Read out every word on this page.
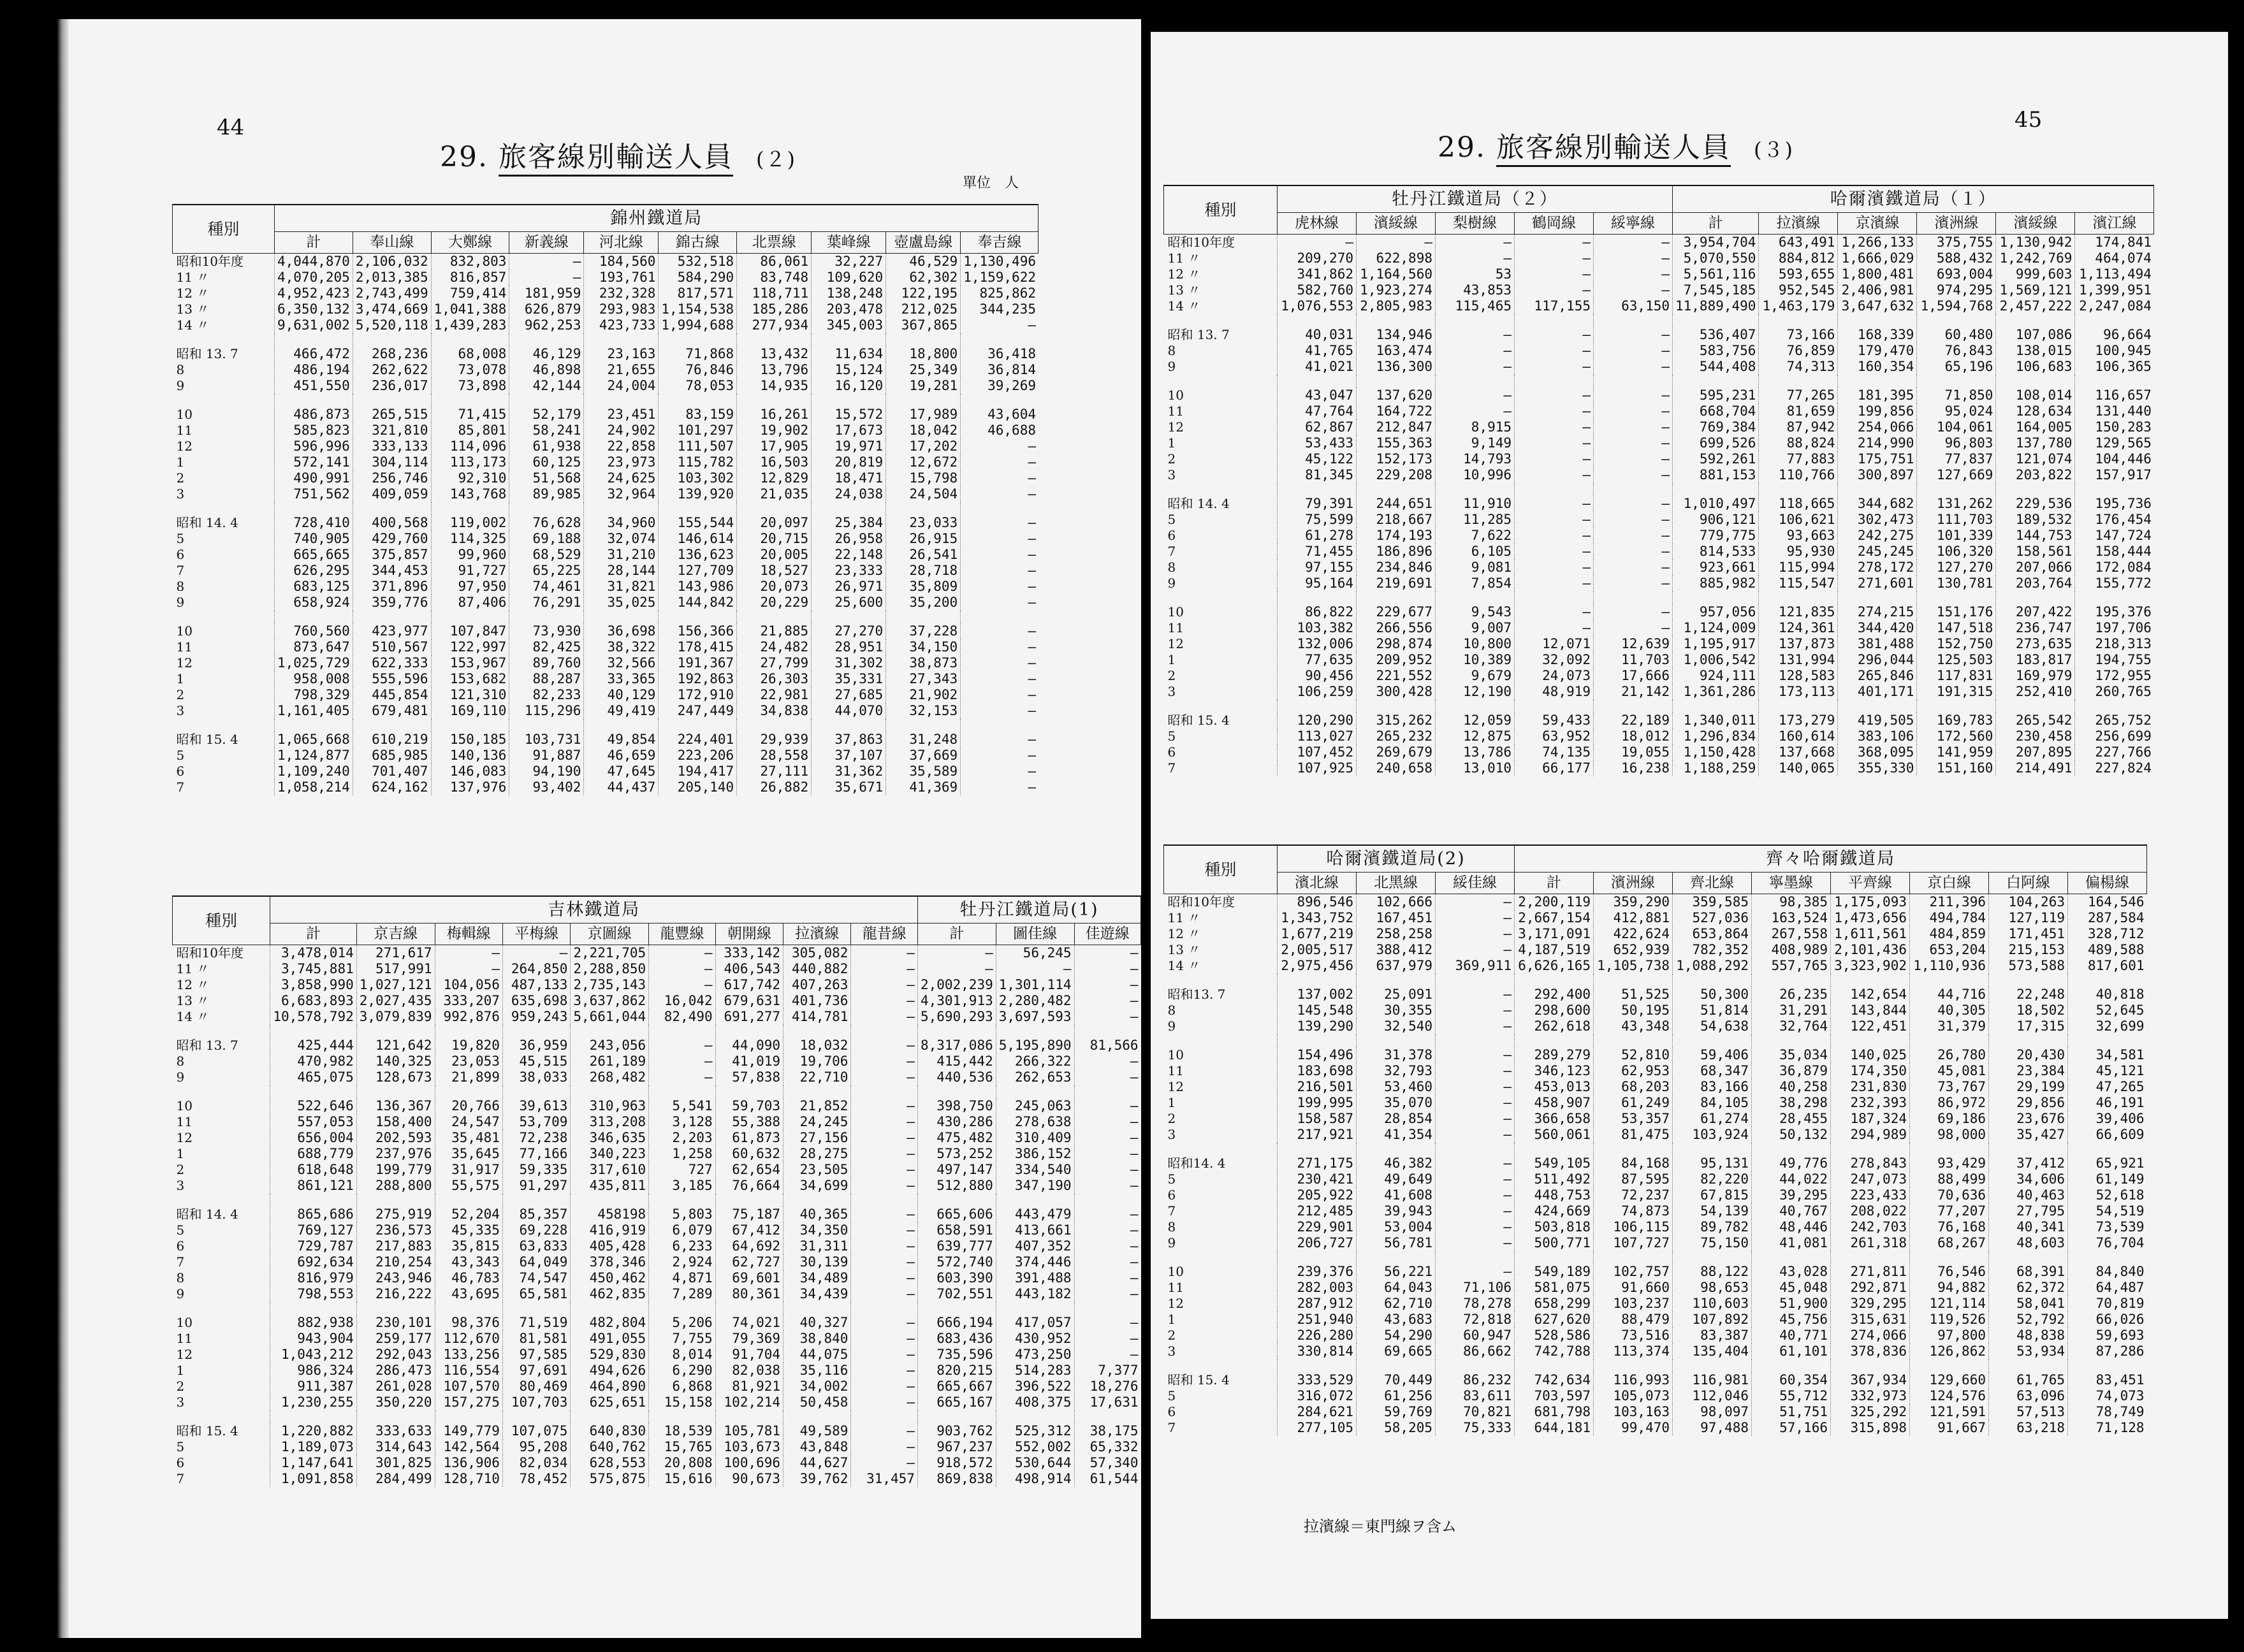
44
29. 旅客線別輸送人員 (２)
單位　人
種別	錦州鐵道局									
	計	奉山線	大鄭線	新義線	河北線	錦古線	北票線	葉峰線	壺盧島線	奉吉線
昭和10年度	4,044,870	2,106,032	832,803	—	184,560	532,518	86,061	32,227	46,529	1,130,496
11 〃	4,070,205	2,013,385	816,857	—	193,761	584,290	83,748	109,620	62,302	1,159,622
12 〃	4,952,423	2,743,499	759,414	181,959	232,328	817,571	118,711	138,248	122,195	825,862
13 〃	6,350,132	3,474,669	1,041,388	626,879	293,983	1,154,538	185,286	203,478	212,025	344,235
14 〃	9,631,002	5,520,118	1,439,283	962,253	423,733	1,994,688	277,934	345,003	367,865	—

昭和 13. 7	466,472	268,236	68,008	46,129	23,163	71,868	13,432	11,634	18,800	36,418
8	486,194	262,622	73,078	46,898	21,655	76,846	13,796	15,124	25,349	36,814
9	451,550	236,017	73,898	42,144	24,004	78,053	14,935	16,120	19,281	39,269

10	486,873	265,515	71,415	52,179	23,451	83,159	16,261	15,572	17,989	43,604
11	585,823	321,810	85,801	58,241	24,902	101,297	19,902	17,673	18,042	46,688
12	596,996	333,133	114,096	61,938	22,858	111,507	17,905	19,971	17,202	—
1	572,141	304,114	113,173	60,125	23,973	115,782	16,503	20,819	12,672	—
2	490,991	256,746	92,310	51,568	24,625	103,302	12,829	18,471	15,798	—
3	751,562	409,059	143,768	89,985	32,964	139,920	21,035	24,038	24,504	—

昭和 14. 4	728,410	400,568	119,002	76,628	34,960	155,544	20,097	25,384	23,033	—
5	740,905	429,760	114,325	69,188	32,074	146,614	20,715	26,958	26,915	—
6	665,665	375,857	99,960	68,529	31,210	136,623	20,005	22,148	26,541	—
7	626,295	344,453	91,727	65,225	28,144	127,709	18,527	23,333	28,718	—
8	683,125	371,896	97,950	74,461	31,821	143,986	20,073	26,971	35,809	—
9	658,924	359,776	87,406	76,291	35,025	144,842	20,229	25,600	35,200	—

10	760,560	423,977	107,847	73,930	36,698	156,366	21,885	27,270	37,228	—
11	873,647	510,567	122,997	82,425	38,322	178,415	24,482	28,951	34,150	—
12	1,025,729	622,333	153,967	89,760	32,566	191,367	27,799	31,302	38,873	—
1	958,008	555,596	153,682	88,287	33,365	192,863	26,303	35,331	27,343	—
2	798,329	445,854	121,310	82,233	40,129	172,910	22,981	27,685	21,902	—
3	1,161,405	679,481	169,110	115,296	49,419	247,449	34,838	44,070	32,153	—

昭和 15. 4	1,065,668	610,219	150,185	103,731	49,854	224,401	29,939	37,863	31,248	—
5	1,124,877	685,985	140,136	91,887	46,659	223,206	28,558	37,107	37,669	—
6	1,109,240	701,407	146,083	94,190	47,645	194,417	27,111	31,362	35,589	—
7	1,058,214	624,162	137,976	93,402	44,437	205,140	26,882	35,671	41,369	—
種別	吉林鐵道局									牡丹江鐵道局(1)		
	計	京吉線	梅輯線	平梅線	京圖線	龍豐線	朝開線	拉濱線	龍昔線	計	圖佳線	佳遊線
昭和10年度	3,478,014	271,617	—	—	2,221,705	—	333,142	305,082	—	—	56,245	—
11 〃	3,745,881	517,991	—	264,850	2,288,850	—	406,543	440,882	—	—	—	—
12 〃	3,858,990	1,027,121	104,056	487,133	2,735,143	—	617,742	407,263	—	2,002,239	1,301,114	—
13 〃	6,683,893	2,027,435	333,207	635,698	3,637,862	16,042	679,631	401,736	—	4,301,913	2,280,482	—
14 〃	10,578,792	3,079,839	992,876	959,243	5,661,044	82,490	691,277	414,781	—	5,690,293	3,697,593	—

昭和 13. 7	425,444	121,642	19,820	36,959	243,056	—	44,090	18,032	—	8,317,086	5,195,890	81,566
8	470,982	140,325	23,053	45,515	261,189	—	41,019	19,706	—	415,442	266,322	—
9	465,075	128,673	21,899	38,033	268,482	—	57,838	22,710	—	440,536	262,653	—

10	522,646	136,367	20,766	39,613	310,963	5,541	59,703	21,852	—	398,750	245,063	—
11	557,053	158,400	24,547	53,709	313,208	3,128	55,388	24,245	—	430,286	278,638	—
12	656,004	202,593	35,481	72,238	346,635	2,203	61,873	27,156	—	475,482	310,409	—
1	688,779	237,976	35,645	77,166	340,223	1,258	60,632	28,275	—	573,252	386,152	—
2	618,648	199,779	31,917	59,335	317,610	727	62,654	23,505	—	497,147	334,540	—
3	861,121	288,800	55,575	91,297	435,811	3,185	76,664	34,699	—	512,880	347,190	—

昭和 14. 4	865,686	275,919	52,204	85,357	458198	5,803	75,187	40,365	—	665,606	443,479	—
5	769,127	236,573	45,335	69,228	416,919	6,079	67,412	34,350	—	658,591	413,661	—
6	729,787	217,883	35,815	63,833	405,428	6,233	64,692	31,311	—	639,777	407,352	—
7	692,634	210,254	43,343	64,049	378,346	2,924	62,727	30,139	—	572,740	374,446	—
8	816,979	243,946	46,783	74,547	450,462	4,871	69,601	34,489	—	603,390	391,488	—
9	798,553	216,222	43,695	65,581	462,835	7,289	80,361	34,439	—	702,551	443,182	—

10	882,938	230,101	98,376	71,519	482,804	5,206	74,021	40,327	—	666,194	417,057	—
11	943,904	259,177	112,670	81,581	491,055	7,755	79,369	38,840	—	683,436	430,952	—
12	1,043,212	292,043	133,256	97,585	529,830	8,014	91,704	44,075	—	735,596	473,250	—
1	986,324	286,473	116,554	97,691	494,626	6,290	82,038	35,116	—	820,215	514,283	7,377
2	911,387	261,028	107,570	80,469	464,890	6,868	81,921	34,002	—	665,667	396,522	18,276
3	1,230,255	350,220	157,275	107,703	625,651	15,158	102,214	50,458	—	665,167	408,375	17,631

昭和 15. 4	1,220,882	333,633	149,779	107,075	640,830	18,539	105,781	49,589	—	903,762	525,312	38,175
5	1,189,073	314,643	142,564	95,208	640,762	15,765	103,673	43,848	—	967,237	552,002	65,332
6	1,147,641	301,825	136,906	82,034	628,553	20,808	100,696	44,627	—	918,572	530,644	57,340
7	1,091,858	284,499	128,710	78,452	575,875	15,616	90,673	39,762	31,457	869,838	498,914	61,544
45
29. 旅客線別輸送人員 (３)
種別	牡丹江鐵道局（２）					哈爾濱鐵道局（１）					
	虎林線	濱綏線	梨樹線	鶴岡線	綏寧線	計	拉濱線	京濱線	濱洲線	濱綏線	濱江線
昭和10年度	—	—	—	—	—	3,954,704	643,491	1,266,133	375,755	1,130,942	174,841
11 〃	209,270	622,898	—	—	—	5,070,550	884,812	1,666,029	588,432	1,242,769	464,074
12 〃	341,862	1,164,560	53	—	—	5,561,116	593,655	1,800,481	693,004	999,603	1,113,494
13 〃	582,760	1,923,274	43,853	—	—	7,545,185	952,545	2,406,981	974,295	1,569,121	1,399,951
14 〃	1,076,553	2,805,983	115,465	117,155	63,150	11,889,490	1,463,179	3,647,632	1,594,768	2,457,222	2,247,084

昭和 13. 7	40,031	134,946	—	—	—	536,407	73,166	168,339	60,480	107,086	96,664
8	41,765	163,474	—	—	—	583,756	76,859	179,470	76,843	138,015	100,945
9	41,021	136,300	—	—	—	544,408	74,313	160,354	65,196	106,683	106,365

10	43,047	137,620	—	—	—	595,231	77,265	181,395	71,850	108,014	116,657
11	47,764	164,722	—	—	—	668,704	81,659	199,856	95,024	128,634	131,440
12	62,867	212,847	8,915	—	—	769,384	87,942	254,066	104,061	164,005	150,283
1	53,433	155,363	9,149	—	—	699,526	88,824	214,990	96,803	137,780	129,565
2	45,122	152,173	14,793	—	—	592,261	77,883	175,751	77,837	121,074	104,446
3	81,345	229,208	10,996	—	—	881,153	110,766	300,897	127,669	203,822	157,917

昭和 14. 4	79,391	244,651	11,910	—	—	1,010,497	118,665	344,682	131,262	229,536	195,736
5	75,599	218,667	11,285	—	—	906,121	106,621	302,473	111,703	189,532	176,454
6	61,278	174,193	7,622	—	—	779,775	93,663	242,275	101,339	144,753	147,724
7	71,455	186,896	6,105	—	—	814,533	95,930	245,245	106,320	158,561	158,444
8	97,155	234,846	9,081	—	—	923,661	115,994	278,172	127,270	207,066	172,084
9	95,164	219,691	7,854	—	—	885,982	115,547	271,601	130,781	203,764	155,772

10	86,822	229,677	9,543	—	—	957,056	121,835	274,215	151,176	207,422	195,376
11	103,382	266,556	9,007	—	—	1,124,009	124,361	344,420	147,518	236,747	197,706
12	132,006	298,874	10,800	12,071	12,639	1,195,917	137,873	381,488	152,750	273,635	218,313
1	77,635	209,952	10,389	32,092	11,703	1,006,542	131,994	296,044	125,503	183,817	194,755
2	90,456	221,552	9,679	24,073	17,666	924,111	128,583	265,846	117,831	169,979	172,955
3	106,259	300,428	12,190	48,919	21,142	1,361,286	173,113	401,171	191,315	252,410	260,765

昭和 15. 4	120,290	315,262	12,059	59,433	22,189	1,340,011	173,279	419,505	169,783	265,542	265,752
5	113,027	265,232	12,875	63,952	18,012	1,296,834	160,614	383,106	172,560	230,458	256,699
6	107,452	269,679	13,786	74,135	19,055	1,150,428	137,668	368,095	141,959	207,895	227,766
7	107,925	240,658	13,010	66,177	16,238	1,188,259	140,065	355,330	151,160	214,491	227,824
種別	哈爾濱鐵道局(2)			齊々哈爾鐵道局							
	濱北線	北黑線	綏佳線	計	濱洲線	齊北線	寧墨線	平齊線	京白線	白阿線	偏楊線
昭和10年度	896,546	102,666	—	2,200,119	359,290	359,585	98,385	1,175,093	211,396	104,263	164,546
11 〃	1,343,752	167,451	—	2,667,154	412,881	527,036	163,524	1,473,656	494,784	127,119	287,584
12 〃	1,677,219	258,258	—	3,171,091	422,624	653,864	267,558	1,611,561	484,859	171,451	328,712
13 〃	2,005,517	388,412	—	4,187,519	652,939	782,352	408,989	2,101,436	653,204	215,153	489,588
14 〃	2,975,456	637,979	369,911	6,626,165	1,105,738	1,088,292	557,765	3,323,902	1,110,936	573,588	817,601

昭和13. 7	137,002	25,091	—	292,400	51,525	50,300	26,235	142,654	44,716	22,248	40,818
8	145,548	30,355	—	298,600	50,195	51,814	31,291	143,844	40,305	18,502	52,645
9	139,290	32,540	—	262,618	43,348	54,638	32,764	122,451	31,379	17,315	32,699

10	154,496	31,378	—	289,279	52,810	59,406	35,034	140,025	26,780	20,430	34,581
11	183,698	32,793	—	346,123	62,953	68,347	36,879	174,350	45,081	23,384	45,121
12	216,501	53,460	—	453,013	68,203	83,166	40,258	231,830	73,767	29,199	47,265
1	199,995	35,070	—	458,907	61,249	84,105	38,298	232,393	86,972	29,856	46,191
2	158,587	28,854	—	366,658	53,357	61,274	28,455	187,324	69,186	23,676	39,406
3	217,921	41,354	—	560,061	81,475	103,924	50,132	294,989	98,000	35,427	66,609

昭和14. 4	271,175	46,382	—	549,105	84,168	95,131	49,776	278,843	93,429	37,412	65,921
5	230,421	49,649	—	511,492	87,595	82,220	44,022	247,073	88,499	34,606	61,149
6	205,922	41,608	—	448,753	72,237	67,815	39,295	223,433	70,636	40,463	52,618
7	212,485	39,943	—	424,669	74,873	54,139	40,767	208,022	77,207	27,795	54,519
8	229,901	53,004	—	503,818	106,115	89,782	48,446	242,703	76,168	40,341	73,539
9	206,727	56,781	—	500,771	107,727	75,150	41,081	261,318	68,267	48,603	76,704

10	239,376	56,221	—	549,189	102,757	88,122	43,028	271,811	76,546	68,391	84,840
11	282,003	64,043	71,106	581,075	91,660	98,653	45,048	292,871	94,882	62,372	64,487
12	287,912	62,710	78,278	658,299	103,237	110,603	51,900	329,295	121,114	58,041	70,819
1	251,940	43,683	72,818	627,620	88,479	107,892	45,756	315,631	119,526	52,792	66,026
2	226,280	54,290	60,947	528,586	73,516	83,387	40,771	274,066	97,800	48,838	59,693
3	330,814	69,665	86,662	742,788	113,374	135,404	61,101	378,836	126,862	53,934	87,286

昭和 15. 4	333,529	70,449	86,232	742,634	116,993	116,981	60,354	367,934	129,660	61,765	83,451
5	316,072	61,256	83,611	703,597	105,073	112,046	55,712	332,973	124,576	63,096	74,073
6	284,621	59,769	70,821	681,798	103,163	98,097	51,751	325,292	121,591	57,513	78,749
7	277,105	58,205	75,333	644,181	99,470	97,488	57,166	315,898	91,667	63,218	71,128
拉濱線＝東門線ヲ含ム
